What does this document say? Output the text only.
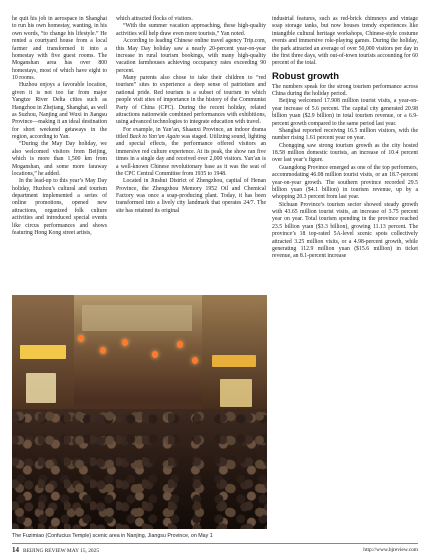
he quit his job in aerospace in Shanghai to run his own homestay, wanting, in his own words, “to change his lifestyle.” He rented a courtyard house from a local farmer and transformed it into a homestay with five guest rooms. The Moganshan area has over 800 homestays, most of which have eight to 10 rooms.

Huzhou enjoys a favorable location, given it is not too far from major Yangtze River Delta cities such as Hangzhou in Zhejiang, Shanghai, as well as Suzhou, Nanjing and Wuxi in Jiangsu Province—making it an ideal destination for short weekend getaways in the region, according to Yan.

“During the May Day holiday, we also welcomed visitors from Beijing, which is more than 1,500 km from Moganshan, and some more faraway locations,” he added.

In the lead-up to this year’s May Day holiday, Huzhou’s cultural and tourism department implemented a series of online promotions, opened new attractions, organized folk culture activities and introduced special events like circus performances and shows featuring Hong Kong street artists,

which attracted flocks of visitors.

“With the summer vacation approaching, these high-quality activities will help draw even more tourists,” Yan noted.

According to leading Chinese online travel agency Trip.com, this May Day holiday saw a nearly 20-percent year-on-year increase in rural tourism bookings, with many high-quality vacation farmhouses achieving occupancy rates exceeding 90 percent.

Many parents also chose to take their children to “red tourism” sites to experience a deep sense of patriotism and national pride. Red tourism is a subset of tourism in which people visit sites of importance in the history of the Communist Party of China (CPC). During the recent holiday, related attractions nationwide combined performances with exhibitions, using advanced technologies to integrate education with travel.

For example, in Yan’an, Shaanxi Province, an indoor drama titled Back to Yan’an Again was staged. Utilizing sound, lighting and special effects, the performance offered visitors an immersive red culture experience. At its peak, the show ran five times in a single day and received over 2,000 visitors. Yan’an is a well-known Chinese revolutionary base as it was the seat of the CPC Central Committee from 1935 to 1948.

Located in Jinshui District of Zhengzhou, capital of Henan Province, the Zhengzhou Memory 1952 Oil and Chemical Factory was once a soap-producing plant. Today, it has been transformed into a lively city landmark that operates 24/7. The site has retained its original

industrial features, such as red-brick chimneys and vintage soap storage tanks, but now houses trendy experiences like intangible cultural heritage workshops, Chinese-style costume events and immersive role-playing games. During the holiday, the park attracted an average of over 50,000 visitors per day in the first three days, with out-of-town tourists accounting for 60 percent of the total.

Robust growth

The numbers speak for the strong tourism performance across China during the holiday period.

Beijing welcomed 17.908 million tourist visits, a year-on-year increase of 5.6 percent. The capital city generated 20.98 billion yuan ($2.9 billion) in total tourism revenue, or a 6.9-percent growth compared to the same period last year.

Shanghai reported receiving 16.5 million visitors, with the number rising 1.61 percent year on year.

Chongqing saw strong tourism growth as the city hosted 18.58 million domestic tourists, an increase of 10.4 percent over last year’s figure.

Guangdong Province emerged as one of the top performers, accommodating 46.08 million tourist visits, or an 18.7-percent year-on-year growth. The southern province recorded 29.5 billion yuan ($4.1 billion) in tourism revenue, up by a whopping 20.3 percent from last year.

Sichuan Province’s tourism sector showed steady growth with 43.65 million tourist visits, an increase of 3.75 percent year on year. Total tourism spending in the province reached 23.5 billion yuan ($3.3 billion), growing 11.13 percent. The province’s 18 top-rated 5A-level scenic spots collectively attracted 3.25 million visits, or a 4.98-percent growth, while generating 112.9 million yuan ($15.6 million) in ticket revenue, an 8.1-percent increase

The Fuzimiao (Confucius Temple) scenic area in Nanjing, Jiangsu Province, on May 1
14 BEIJING REVIEW MAY 15, 2025	http://www.bjreview.com
